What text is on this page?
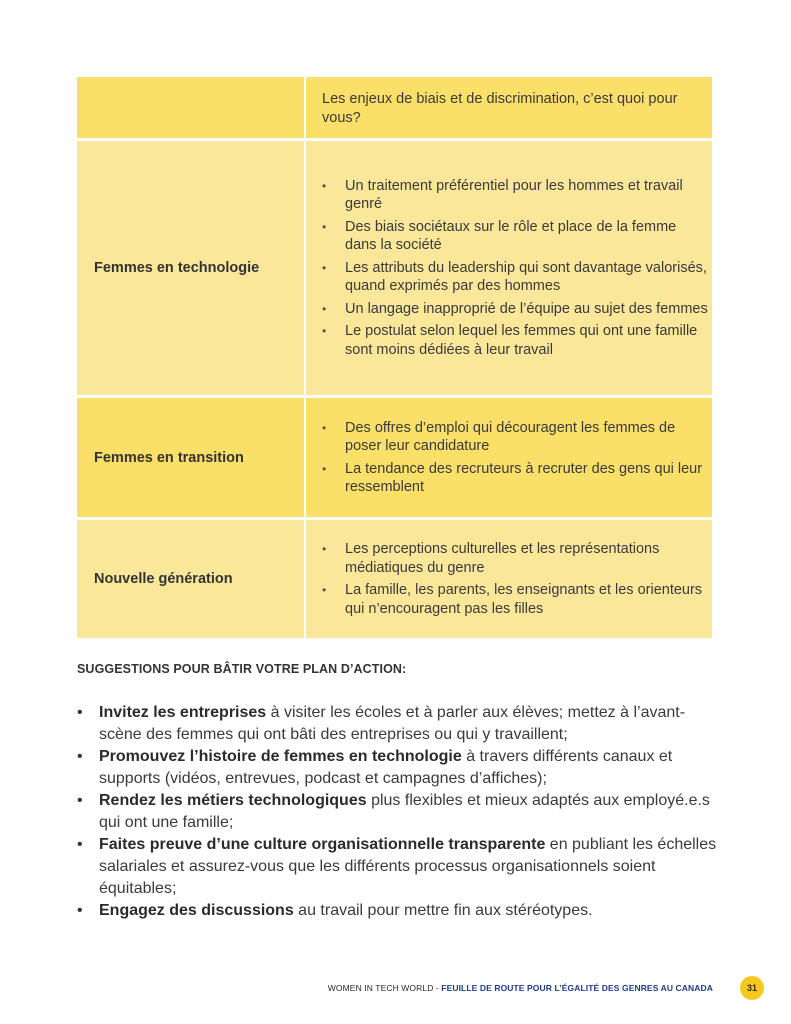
Les enjeux de biais et de discrimination, c’est quoi pour vous?
Femmes en technologie
• Un traitement préférentiel pour les hommes et travail genré
• Des biais sociétaux sur le rôle et place de la femme dans la société
• Les attributs du leadership qui sont davantage valorisés, quand exprimés par des hommes
• Un langage inapproprié de l’équipe au sujet des femmes
• Le postulat selon lequel les femmes qui ont une famille sont moins dédiées à leur travail
Femmes en transition
• Des offres d’emploi qui découragent les femmes de poser leur candidature
• La tendance des recruteurs à recruter des gens qui leur ressemblent
Nouvelle génération
• Les perceptions culturelles et les représentations médiatiques du genre
• La famille, les parents, les enseignants et les orienteurs qui n’encouragent pas les filles
SUGGESTIONS POUR BÂTIR VOTRE PLAN D’ACTION:
• Invitez les entreprises à visiter les écoles et à parler aux élèves; mettez à l’avant-scène des femmes qui ont bâti des entreprises ou qui y travaillent;
• Promouvez l’histoire de femmes en technologie à travers différents canaux et supports (vidéos, entrevues, podcast et campagnes d’affiches);
• Rendez les métiers technologiques plus flexibles et mieux adaptés aux employé.e.s qui ont une famille;
• Faites preuve d’une culture organisationnelle transparente en publiant les échelles salariales et assurez-vous que les différents processus organisationnels soient équitables;
• Engagez des discussions au travail pour mettre fin aux stéréotypes.
WOMEN IN TECH WORLD - FEUILLE DE ROUTE POUR L’ÉGALITÉ DES GENRES AU CANADA	31
